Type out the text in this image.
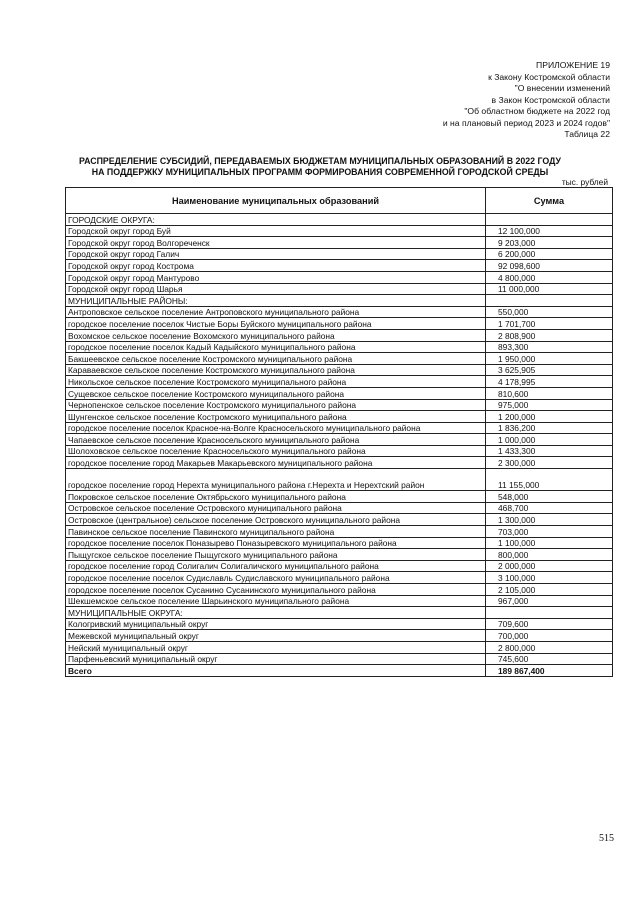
ПРИЛОЖЕНИЕ 19
к Закону Костромской области
"О внесении изменений
в Закон Костромской области
"Об областном бюджете на 2022 год
и на плановый период 2023 и 2024 годов"
Таблица 22
РАСПРЕДЕЛЕНИЕ СУБСИДИЙ, ПЕРЕДАВАЕМЫХ БЮДЖЕТАМ МУНИЦИПАЛЬНЫХ ОБРАЗОВАНИЙ В 2022 ГОДУ
НА ПОДДЕРЖКУ МУНИЦИПАЛЬНЫХ ПРОГРАММ ФОРМИРОВАНИЯ СОВРЕМЕННОЙ ГОРОДСКОЙ СРЕДЫ
тыс. рублей
Наименование муниципальных образований	Сумма
ГОРОДСКИЕ ОКРУГА:	
Городской округ город Буй	12 100,000
Городской округ город Волгореченск	9 203,000
Городской округ город Галич	6 200,000
Городской округ город Кострома	92 098,600
Городской округ город Мантурово	4 800,000
Городской округ город Шарья	11 000,000
МУНИЦИПАЛЬНЫЕ РАЙОНЫ:	
Антроповское сельское поселение Антроповского муниципального района	550,000
городское поселение поселок Чистые Боры Буйского муниципального района	1 701,700
Вохомское сельское поселение Вохомского муниципального района	2 808,900
городское поселение поселок Кадый Кадыйского муниципального района	893,300
Бакшеевское сельское поселение Костромского муниципального района	1 950,000
Караваевское сельское поселение Костромского муниципального района	3 625,905
Никольское сельское поселение Костромского муниципального района	4 178,995
Сущевское сельское поселение Костромского муниципального района	810,600
Чернопенское сельское поселение Костромского муниципального района	975,000
Шунгенское сельское поселение Костромского муниципального района	1 200,000
городское поселение поселок Красное-на-Волге Красносельского муниципального района	1 836,200
Чапаевское сельское поселение Красносельского муниципального района	1 000,000
Шолоховское сельское поселение Красносельского муниципального района	1 433,300
городское поселение город Макарьев Макарьевского муниципального района	2 300,000
городское поселение город Нерехта муниципального района г.Нерехта и Нерехтский район	11 155,000
Покровское сельское поселение Октябрьского муниципального района	548,000
Островское сельское поселение Островского муниципального района	468,700
Островское (центральное) сельское поселение Островского муниципального района	1 300,000
Павинское сельское поселение Павинского муниципального района	703,000
городское поселение поселок Поназырево Поназыревского муниципального района	1 100,000
Пыщугское сельское поселение Пыщугского муниципального района	800,000
городское поселение город Солигалич Солигаличского муниципального района	2 000,000
городское поселение поселок Судиславль Судиславского муниципального района	3 100,000
городское поселение поселок Сусанино Сусанинского муниципального района	2 105,000
Шекшемское сельское поселение Шарьинского муниципального района	967,000
МУНИЦИПАЛЬНЫЕ ОКРУГА:	
Кологривский муниципальный округ	709,600
Межевской муниципальный округ	700,000
Нейский муниципальный округ	2 800,000
Парфеньевский муниципальный округ	745,600
Всего	189 867,400
515
